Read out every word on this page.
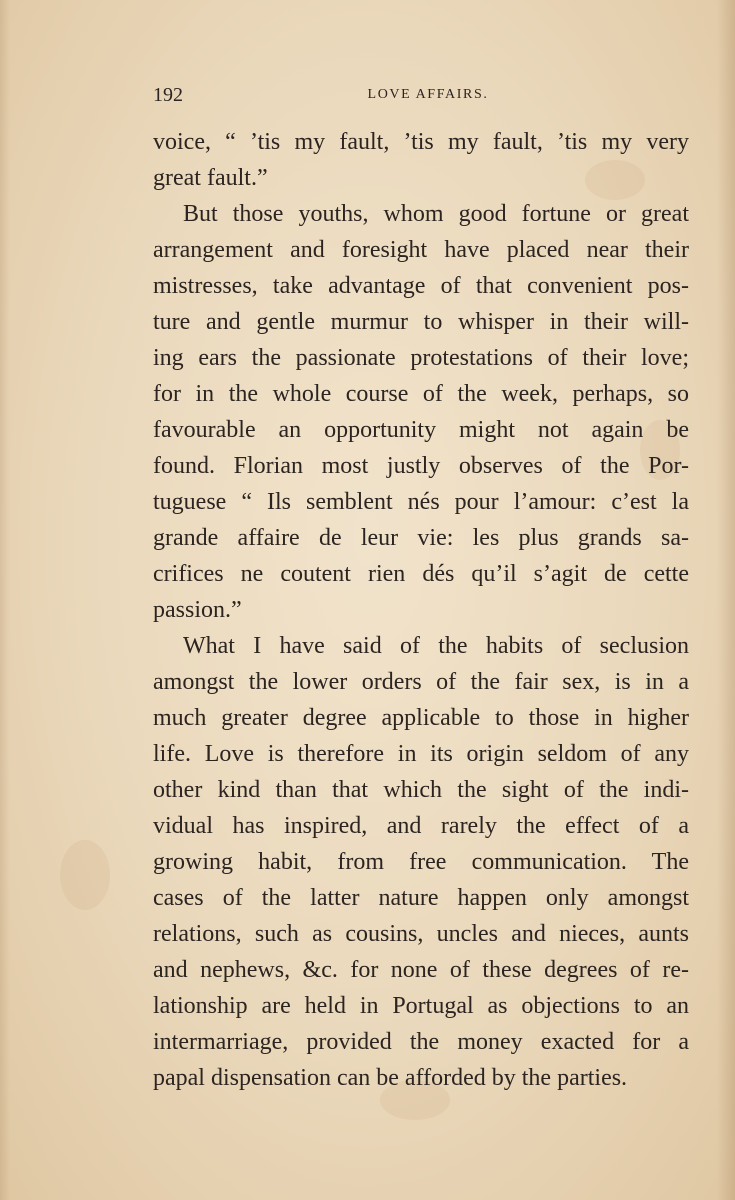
192	LOVE AFFAIRS.
voice, “ ’tis my fault, ’tis my fault, ’tis my very
great fault.”
But those youths, whom good fortune or great
arrangement and foresight have placed near their
mistresses, take advantage of that convenient pos-
ture and gentle murmur to whisper in their will-
ing ears the passionate protestations of their love;
for in the whole course of the week, perhaps, so
favourable an opportunity might not again be
found. Florian most justly observes of the Por-
tuguese “ Ils semblent nés pour l’amour: c’est la
grande affaire de leur vie: les plus grands sa-
crifices ne coutent rien dés qu’il s’agit de cette
passion.”
What I have said of the habits of seclusion
amongst the lower orders of the fair sex, is in a
much greater degree applicable to those in higher
life. Love is therefore in its origin seldom of any
other kind than that which the sight of the indi-
vidual has inspired, and rarely the effect of a
growing habit, from free communication. The
cases of the latter nature happen only amongst
relations, such as cousins, uncles and nieces, aunts
and nephews, &c. for none of these degrees of re-
lationship are held in Portugal as objections to an
intermarriage, provided the money exacted for a
papal dispensation can be afforded by the parties.
